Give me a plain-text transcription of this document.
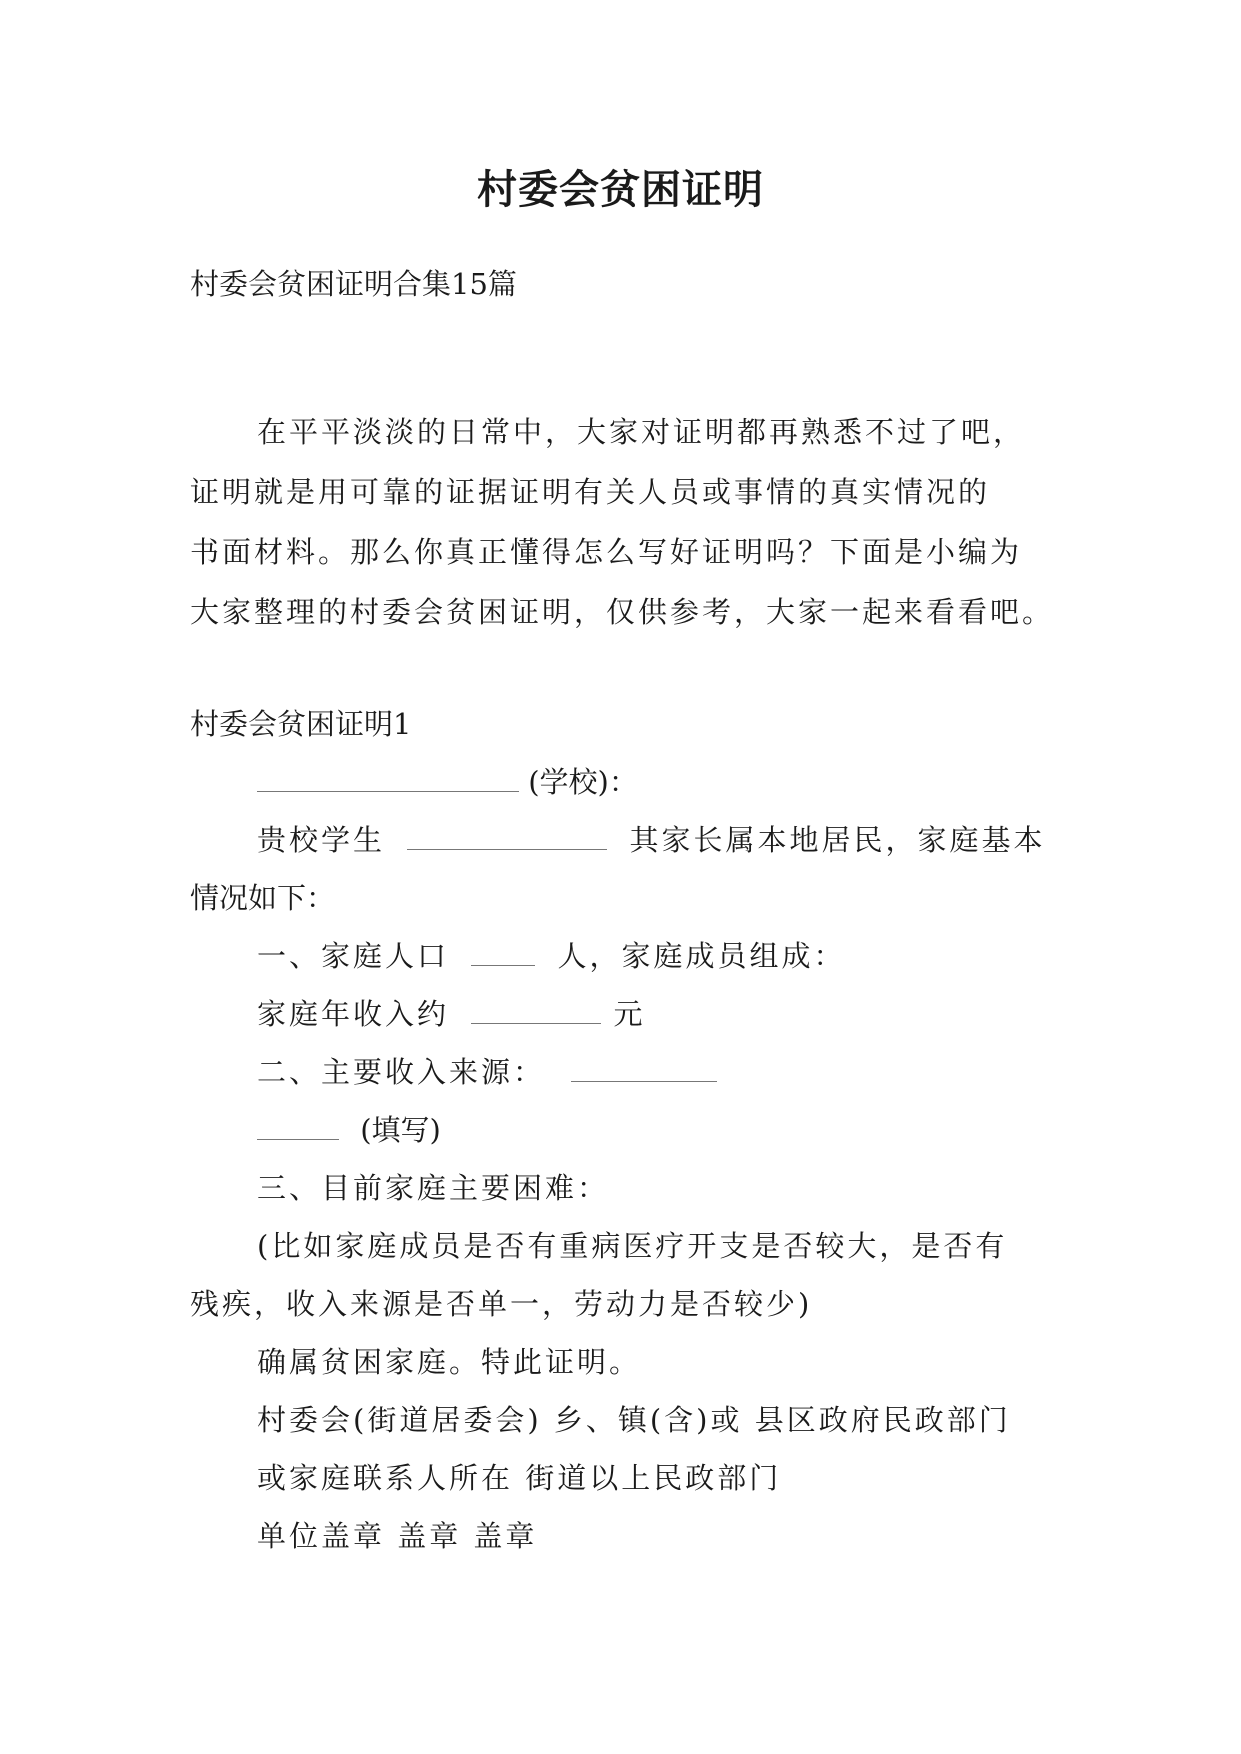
村委会贫困证明

村委会贫困证明合集15篇

在平平淡淡的日常中，大家对证明都再熟悉不过了吧，

证明就是用可靠的证据证明有关人员或事情的真实情况的

书面材料。那么你真正懂得怎么写好证明吗？下面是小编为

大家整理的村委会贫困证明，仅供参考，大家一起来看看吧。

村委会贫困证明1

(学校)：

贵校学生	其家长属本地居民，家庭基本

情况如下：

一、家庭人口	人，家庭成员组成：

家庭年收入约	元

二、主要收入来源：

(填写)

三、目前家庭主要困难：

(比如家庭成员是否有重病医疗开支是否较大，是否有

残疾，收入来源是否单一，劳动力是否较少)

确属贫困家庭。特此证明。

村委会(街道居委会) 乡、镇(含)或 县区政府民政部门

或家庭联系人所在 街道以上民政部门

单位盖章 盖章 盖章
